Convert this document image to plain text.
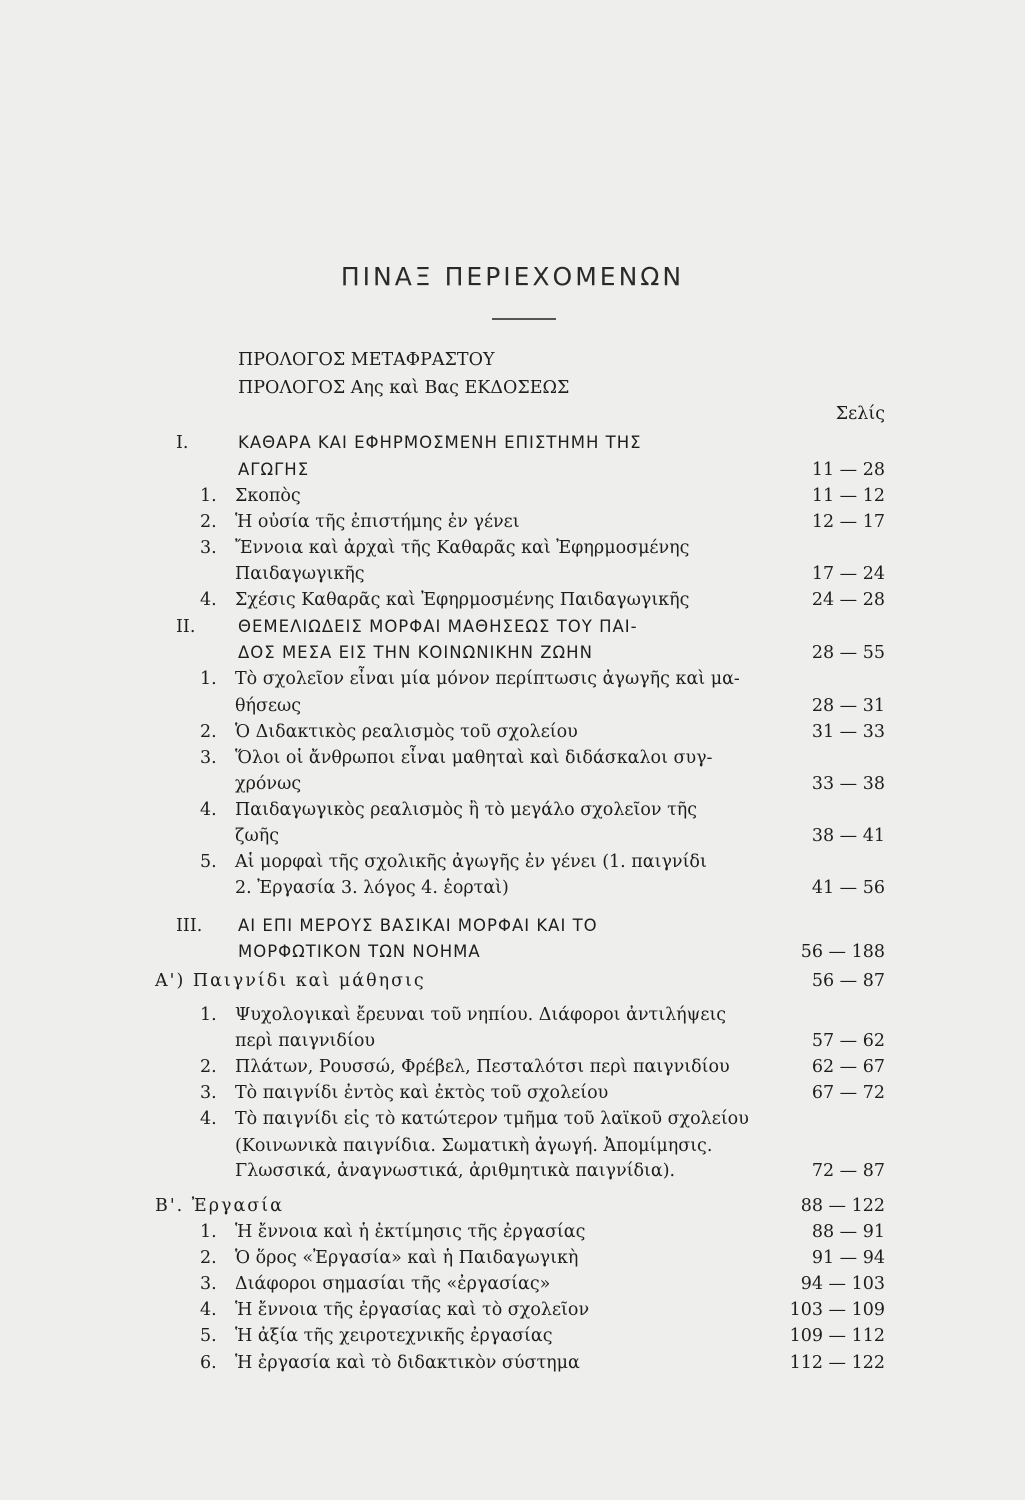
ΠΙΝΑΞ ΠΕΡΙΕΧΟΜΕΝΩΝ
Σελίς
ΠΡΟΛΟΓΟΣ ΜΕΤΑΦΡΑΣΤΟΥ
ΠΡΟΛΟΓΟΣ Αης καὶ Βας ΕΚΔΟΣΕΩΣ
I.	ΚΑΘΑΡΑ ΚΑΙ ΕΦΗΡΜΟΣΜΕΝΗ ΕΠΙΣΤΗΜΗ ΤΗΣ
ΑΓΩΓΗΣ	11 — 28
1. Σκοπὸς	11 — 12
2. Ἡ οὐσία τῆς ἐπιστήμης ἐν γένει	12 — 17
3. Ἔννοια καὶ ἀρχαὶ τῆς Καθαρᾶς καὶ Ἐφηρμοσμένης
Παιδαγωγικῆς	17 — 24
4. Σχέσις Καθαρᾶς καὶ Ἐφηρμοσμένης Παιδαγωγικῆς	24 — 28
II.	ΘΕΜΕΛΙΩΔΕΙΣ ΜΟΡΦΑΙ ΜΑΘΗΣΕΩΣ ΤΟΥ ΠΑΙ-
ΔΟΣ ΜΕΣΑ ΕΙΣ ΤΗΝ ΚΟΙΝΩΝΙΚΗΝ ΖΩΗΝ	28 — 55
1. Τὸ σχολεῖον εἶναι μία μόνον περίπτωσις ἀγωγῆς καὶ μα-
θήσεως	28 — 31
2. Ὁ Διδακτικὸς ρεαλισμὸς τοῦ σχολείου	31 — 33
3. Ὅλοι οἱ ἄνθρωποι εἶναι μαθηταὶ καὶ διδάσκαλοι συγ-
χρόνως	33 — 38
4. Παιδαγωγικὸς ρεαλισμὸς ἢ τὸ μεγάλο σχολεῖον τῆς
ζωῆς	38 — 41
5. Αἱ μορφαὶ τῆς σχολικῆς ἀγωγῆς ἐν γένει (1. παιγνίδι
2. Ἐργασία 3. λόγος 4. ἑορταὶ)	41 — 56
III. ΑΙ ΕΠΙ ΜΕΡΟΥΣ ΒΑΣΙΚΑΙ ΜΟΡΦΑΙ ΚΑΙ ΤΟ
ΜΟΡΦΩΤΙΚΟΝ ΤΩΝ ΝΟΗΜΑ	56 — 188
Α') Παιγνίδι καὶ μάθησις	56 — 87
1. Ψυχολογικαὶ ἔρευναι τοῦ νηπίου. Διάφοροι ἀντιλήψεις
περὶ παιγνιδίου	57 — 62
2. Πλάτων, Ρουσσώ, Φρέβελ, Πεσταλότσι περὶ παιγνιδίου	62 — 67
3. Τὸ παιγνίδι ἐντὸς καὶ ἐκτὸς τοῦ σχολείου	67 — 72
4. Τὸ παιγνίδι εἰς τὸ κατώτερον τμῆμα τοῦ λαϊκοῦ σχολείου
(Κοινωνικὰ παιγνίδια. Σωματικὴ ἀγωγή. Ἀπομίμησις.
Γλωσσικά, ἀναγνωστικά, ἀριθμητικὰ παιγνίδια).	72 — 87
Β'. Ἐργασία	88 — 122
1. Ἡ ἔννοια καὶ ἡ ἐκτίμησις τῆς ἐργασίας	88 — 91
2. Ὁ ὅρος «Ἐργασία» καὶ ἡ Παιδαγωγικὴ	91 — 94
3. Διάφοροι σημασίαι τῆς «ἐργασίας»	94 — 103
4. Ἡ ἔννοια τῆς ἐργασίας καὶ τὸ σχολεῖον	103 — 109
5. Ἡ ἀξία τῆς χειροτεχνικῆς ἐργασίας	109 — 112
6. Ἡ ἐργασία καὶ τὸ διδακτικὸν σύστημα	112 — 122
